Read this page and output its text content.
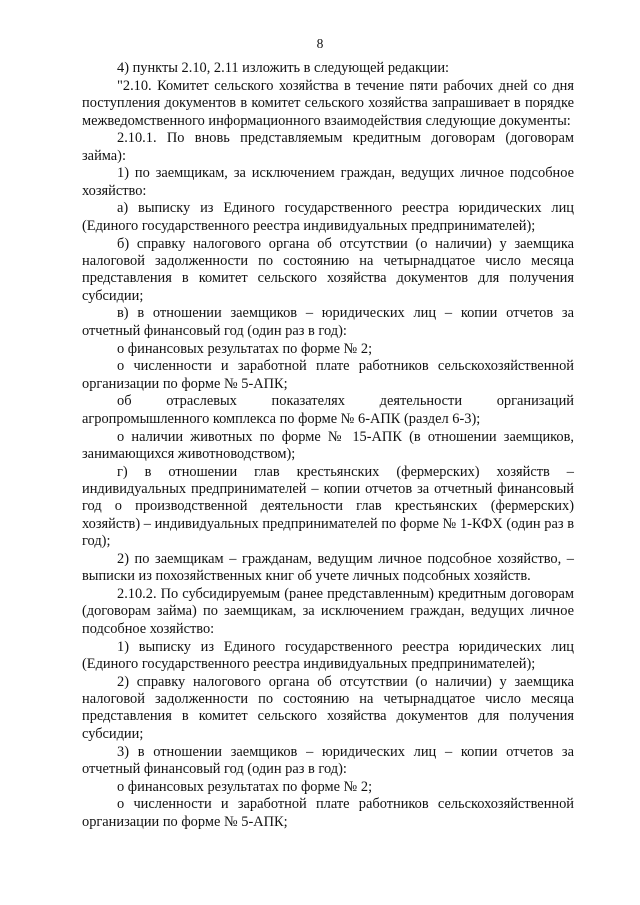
8

4) пункты 2.10, 2.11 изложить в следующей редакции:

"2.10. Комитет сельского хозяйства в течение пяти рабочих дней со дня поступления документов в комитет сельского хозяйства запрашивает в порядке межведомственного информационного взаимодействия следующие документы:

2.10.1. По вновь представляемым кредитным договорам (договорам займа):

1) по заемщикам, за исключением граждан, ведущих личное подсобное хозяйство:

а) выписку из Единого государственного реестра юридических лиц (Единого государственного реестра индивидуальных предпринимателей);

б) справку налогового органа об отсутствии (о наличии) у заемщика налоговой задолженности по состоянию на четырнадцатое число месяца представления в комитет сельского хозяйства документов для получения субсидии;

в) в отношении заемщиков – юридических лиц – копии отчетов за отчетный финансовый год (один раз в год):

о финансовых результатах по форме № 2;

о численности и заработной плате работников сельскохозяйственной организации по форме № 5-АПК;

об отраслевых показателях деятельности организаций агропромышленного комплекса по форме № 6-АПК (раздел 6-3);

о наличии животных по форме № 15-АПК (в отношении заемщиков, занимающихся животноводством);

г) в отношении глав крестьянских (фермерских) хозяйств – индивидуальных предпринимателей – копии отчетов за отчетный финансовый год о производственной деятельности глав крестьянских (фермерских) хозяйств) – индивидуальных предпринимателей по форме № 1-КФХ (один раз в год);

2) по заемщикам – гражданам, ведущим личное подсобное хозяйство, – выписки из похозяйственных книг об учете личных подсобных хозяйств.

2.10.2. По субсидируемым (ранее представленным) кредитным договорам (договорам займа) по заемщикам, за исключением граждан, ведущих личное подсобное хозяйство:

1) выписку из Единого государственного реестра юридических лиц (Единого государственного реестра индивидуальных предпринимателей);

2) справку налогового органа об отсутствии (о наличии) у заемщика налоговой задолженности по состоянию на четырнадцатое число месяца представления в комитет сельского хозяйства документов для получения субсидии;

3) в отношении заемщиков – юридических лиц – копии отчетов за отчетный финансовый год (один раз в год):

о финансовых результатах по форме № 2;

о численности и заработной плате работников сельскохозяйственной организации по форме № 5-АПК;
